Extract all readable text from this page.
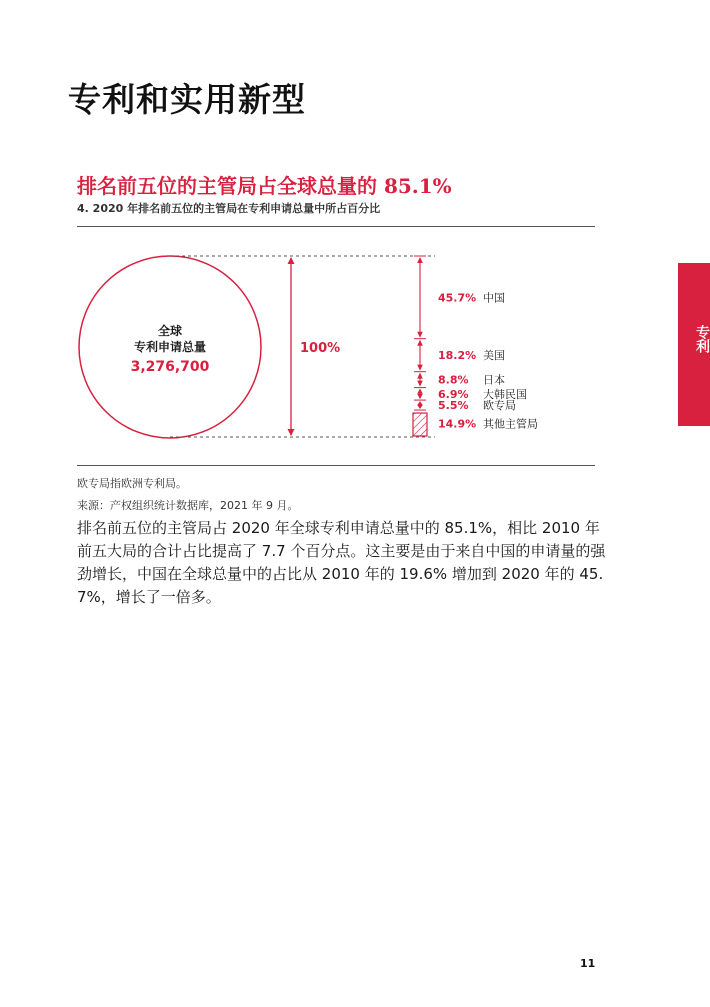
专利和实用新型
专利
排名前五位的主管局占全球总量的 85.1%
4. 2020 年排名前五位的主管局在专利申请总量中所占百分比
全球
专利申请总量
3,276,700
100%
45.7% 中国
18.2% 美国
8.8% 日本
6.9% 大韩民国
5.5% 欧专局
14.9% 其他主管局
欧专局指欧洲专利局。
来源：产权组织统计数据库，2021 年 9 月。

排名前五位的主管局占 2020 年全球专利申请总量中的 85.1%，相比 2010 年前五大局的合计占比提高了 7.7 个百分点。这主要是由于来自中国的申请量的强劲增长，中国在全球总量中的占比从 2010 年的 19.6% 增加到 2020 年的 45.7%，增长了一倍多。

11
